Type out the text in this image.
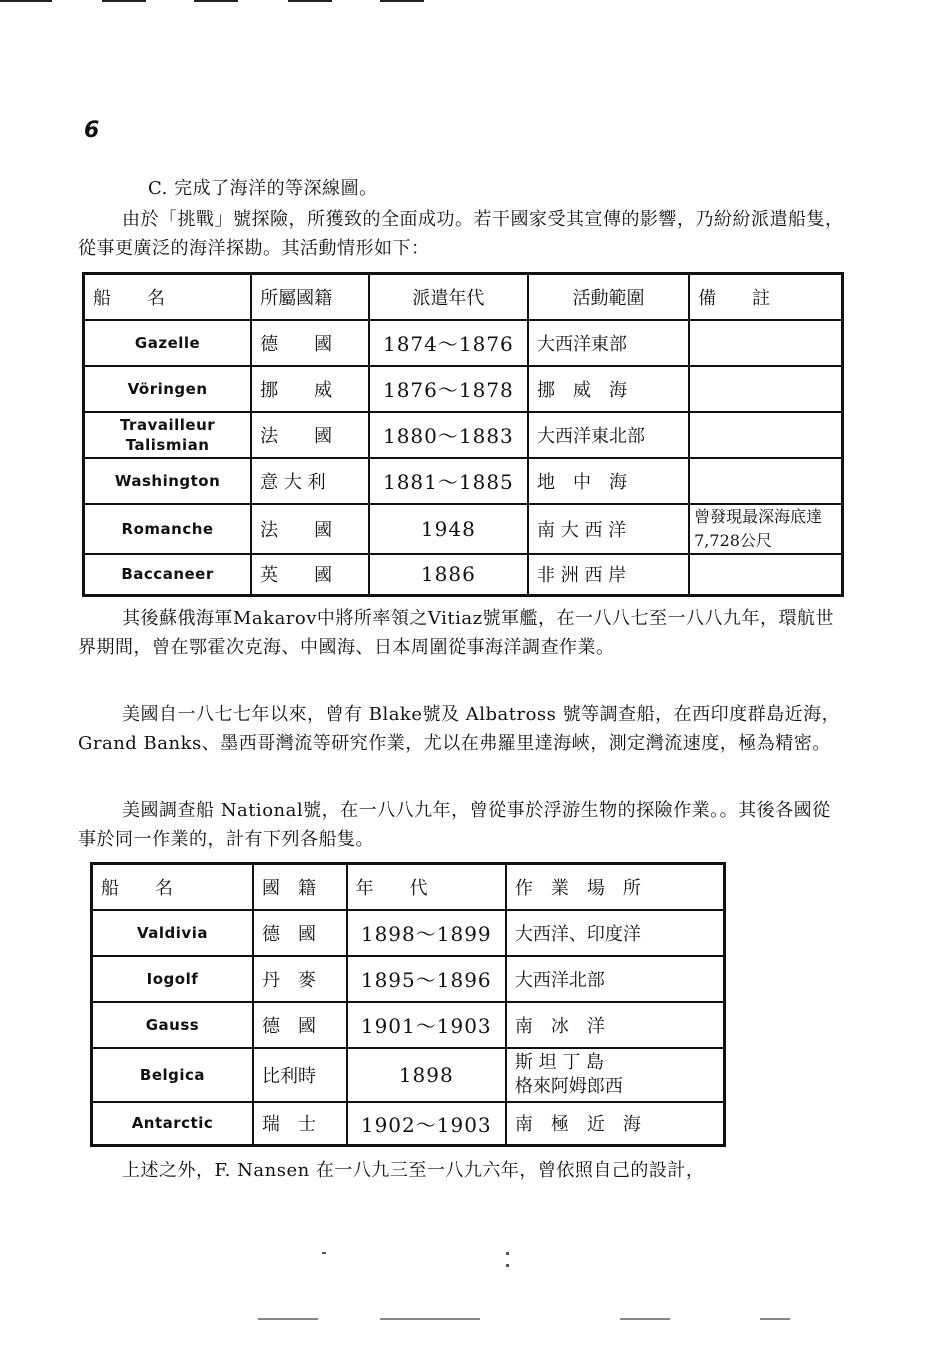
6

C. 完成了海洋的等深線圖。

由於「挑戰」號探險，所獲致的全面成功。若干國家受其宣傳的影響，乃紛紛派遣船隻，從事更廣泛的海洋探勘。其活動情形如下：

船　　名	所屬國籍	派遣年代	活動範圍	備　　註
Gazelle	德　　國	1874～1876	大西洋東部	
Vöringen	挪　　威	1876～1878	挪　威　海	
Travailleur
Talismian	法　　國	1880～1883	大西洋東北部	
Washington	意 大 利	1881～1885	地　中　海	
Romanche	法　　國	1948	南 大 西 洋	曾發現最深海底達7,728公尺
Baccaneer	英　　國	1886	非 洲 西 岸	

其後蘇俄海軍Makarov中將所率領之Vitiaz號軍艦，在一八八七至一八八九年，環航世界期間，曾在鄂霍次克海、中國海、日本周圍從事海洋調查作業。

美國自一八七七年以來，曾有 Blake號及 Albatross 號等調查船，在西印度群島近海，Grand Banks、墨西哥灣流等研究作業，尤以在弗羅里達海峽，測定灣流速度，極為精密。

美國調查船 National號，在一八八九年，曾從事於浮游生物的探險作業。。其後各國從事於同一作業的，計有下列各船隻。

船　　名	國　籍	年　　代	作　業　場　所
Valdivia	德　國	1898～1899	大西洋、印度洋
Iogolf	丹　麥	1895～1896	大西洋北部
Gauss	德　國	1901～1903	南　冰　洋
Belgica	比利時	1898	斯 坦 丁 島
格來阿姆郎西
Antarctic	瑞　士	1902～1903	南　極　近　海

上述之外，F. Nansen 在一八九三至一八九六年，曾依照自己的設計，
